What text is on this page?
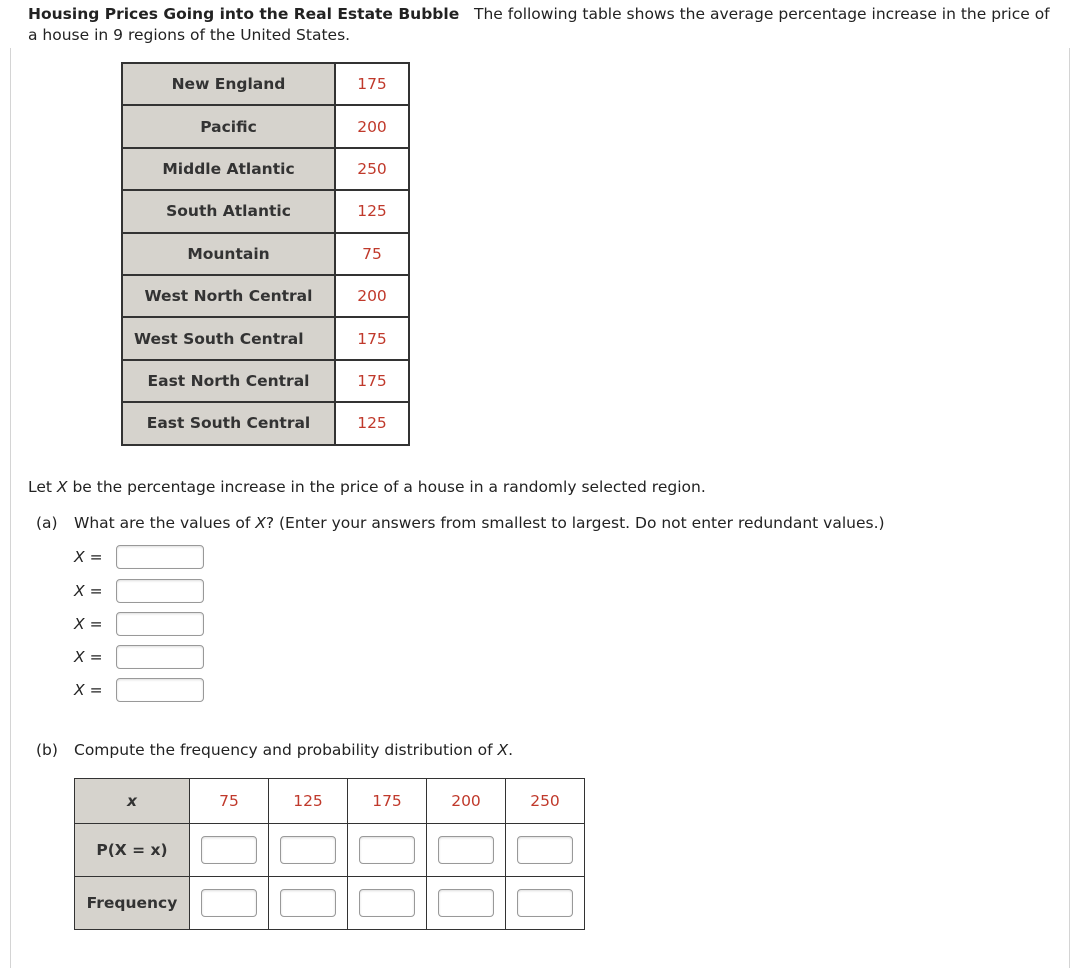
Housing Prices Going into the Real Estate Bubble The following table shows the average percentage increase in the price of a house in 9 regions of the United States.
New England	175
Pacific	200
Middle Atlantic	250
South Atlantic	125
Mountain	75
West North Central	200
West South Central	175
East North Central	175
East South Central	125
Let X be the percentage increase in the price of a house in a randomly selected region.
(a) What are the values of X? (Enter your answers from smallest to largest. Do not enter redundant values.)
X =
X =
X =
X =
X =
(b) Compute the frequency and probability distribution of X.
x	75	125	175	200	250
P(X = x)	

Frequency	
